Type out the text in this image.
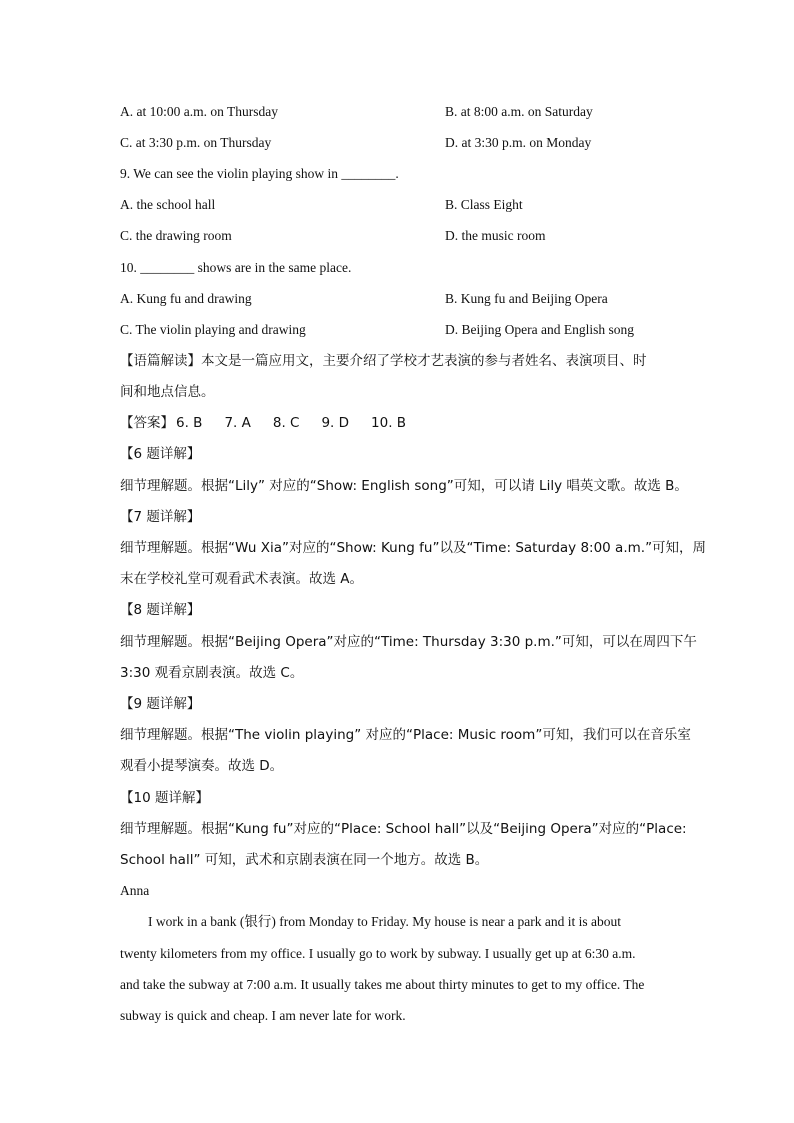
A. at 10:00 a.m. on Thursday	B. at 8:00 a.m. on Saturday
C. at 3:30 p.m. on Thursday	D. at 3:30 p.m. on Monday
9. We can see the violin playing show in ________.
A. the school hall	B. Class Eight
C. the drawing room	D. the music room
10. ________ shows are in the same place.
A. Kung fu and drawing	B. Kung fu and Beijing Opera
C. The violin playing and drawing	D. Beijing Opera and English song
【语篇解读】本文是一篇应用文，主要介绍了学校才艺表演的参与者姓名、表演项目、时
间和地点信息。
【答案】 6. B 7. A 8. C 9. D 10. B
【6 题详解】
细节理解题。根据“Lily” 对应的“Show: English song”可知，可以请 Lily 唱英文歌。故选 B。
【7 题详解】
细节理解题。根据“Wu Xia”对应的“Show: Kung fu”以及“Time: Saturday 8:00 a.m.”可知，周
末在学校礼堂可观看武术表演。故选 A。
【8 题详解】
细节理解题。根据“Beijing Opera”对应的“Time: Thursday 3:30 p.m.”可知，可以在周四下午
3:30 观看京剧表演。故选 C。
【9 题详解】
细节理解题。根据“The violin playing” 对应的“Place: Music room”可知，我们可以在音乐室
观看小提琴演奏。故选 D。
【10 题详解】
细节理解题。根据“Kung fu”对应的“Place: School hall”以及“Beijing Opera”对应的“Place:
School hall” 可知，武术和京剧表演在同一个地方。故选 B。
Anna
I work in a bank (银行) from Monday to Friday. My house is near a park and it is about
twenty kilometers from my office. I usually go to work by subway. I usually get up at 6:30 a.m.
and take the subway at 7:00 a.m. It usually takes me about thirty minutes to get to my office. The
subway is quick and cheap. I am never late for work.
